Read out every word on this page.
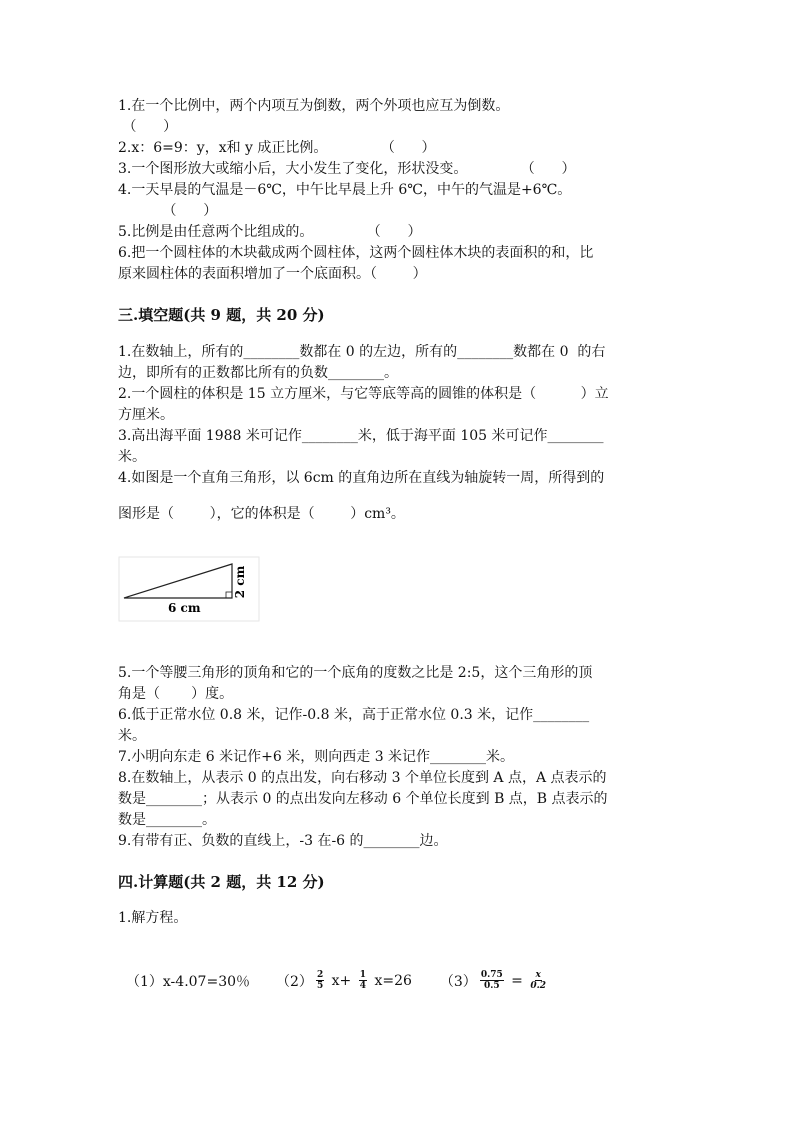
1.在一个比例中，两个内项互为倒数，两个外项也应互为倒数。
（      ）
2.x：6=9：y，x和 y 成正比例。            （      ）
3.一个图形放大或缩小后，大小发生了变化，形状没变。            （      ）
4.一天早晨的气温是－6℃，中午比早晨上升 6℃，中午的气温是+6℃。
（      ）
5.比例是由任意两个比组成的。            （      ）
6.把一个圆柱体的木块截成两个圆柱体，这两个圆柱体木块的表面积的和，比
原来圆柱体的表面积增加了一个底面积。（        ）
三.填空题(共 9 题，共 20 分)
1.在数轴上，所有的________数都在 0 的左边，所有的________数都在 0  的右
边，即所有的正数都比所有的负数________。
2.一个圆柱的体积是 15 立方厘米，与它等底等高的圆锥的体积是（          ）立
方厘米。
3.高出海平面 1988 米可记作________米，低于海平面 105 米可记作________
米。
4.如图是一个直角三角形，以 6cm 的直角边所在直线为轴旋转一周，所得到的
图形是（        ），它的体积是（        ）cm³。
6 cm
2 cm
5.一个等腰三角形的顶角和它的一个底角的度数之比是 2:5，这个三角形的顶
角是（       ）度。
6.低于正常水位 0.8 米，记作-0.8 米，高于正常水位 0.3 米，记作________
米。
7.小明向东走 6 米记作+6 米，则向西走 3 米记作________米。
8.在数轴上，从表示 0 的点出发，向右移动 3 个单位长度到 A 点，A 点表示的
数是________；从表示 0 的点出发向左移动 6 个单位长度到 B 点，B 点表示的
数是________。
9.有带有正、负数的直线上，-3 在-6 的________边。
四.计算题(共 2 题，共 12 分)
1.解方程。
（1）x-4.07=30％ $(2) \frac{2}{5} x+ \frac{1}{4} x=26$ $(3) \frac{0.75}{0.5} = \frac{x}{0.2}$
